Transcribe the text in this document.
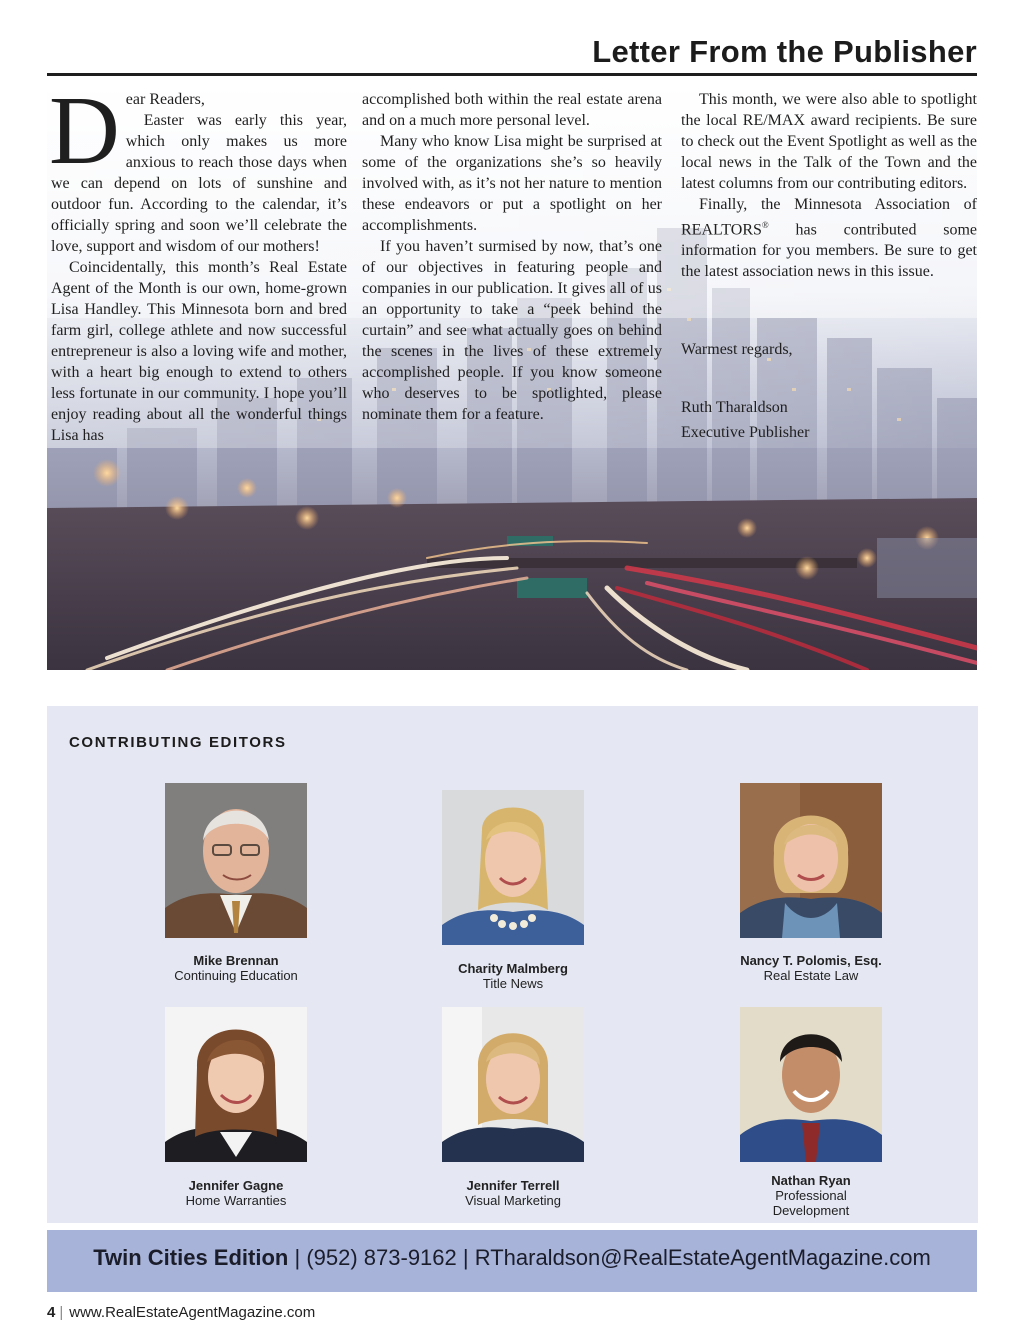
Letter From the Publisher
D ear Readers,

Easter was early this year, which only makes us more anxious to reach those days when we can depend on lots of sunshine and outdoor fun. According to the calendar, it’s officially spring and soon we’ll celebrate the love, support and wisdom of our mothers!

Coincidentally, this month’s Real Estate Agent of the Month is our own, home-grown Lisa Handley. This Minnesota born and bred farm girl, college athlete and now successful entrepreneur is also a loving wife and mother, with a heart big enough to extend to others less fortunate in our community. I hope you’ll enjoy reading about all the wonderful things Lisa has

accomplished both within the real estate arena and on a much more personal level.

Many who know Lisa might be surprised at some of the organizations she’s so heavily involved with, as it’s not her nature to mention these endeavors or put a spotlight on her accomplishments.

If you haven’t surmised by now, that’s one of our objectives in featuring people and companies in our publication. It gives all of us an opportunity to take a “peek behind the curtain” and see what actually goes on behind the scenes in the lives of these extremely accomplished people. If you know someone who deserves to be spotlighted, please nominate them for a feature.

This month, we were also able to spotlight the local RE/MAX award recipients. Be sure to check out the Event Spotlight as well as the local news in the Talk of the Town and the latest columns from our contributing editors.

Finally, the Minnesota Association of REALTORS® has contributed some information for you members. Be sure to get the latest association news in this issue.

Warmest regards,
Ruth Tharaldson
Executive Publisher
CONTRIBUTING EDITORS
Mike Brennan
Continuing Education	Charity Malmberg
Title News
Nancy T. Polomis, Esq.
Real Estate Law
Jennifer Gagne
Home Warranties
Jennifer Terrell
Visual Marketing
Nathan Ryan
Professional
Development
Twin Cities Edition | (952) 873-9162 | RTharaldson@RealEstateAgentMagazine.com
4 | www.RealEstateAgentMagazine.com
